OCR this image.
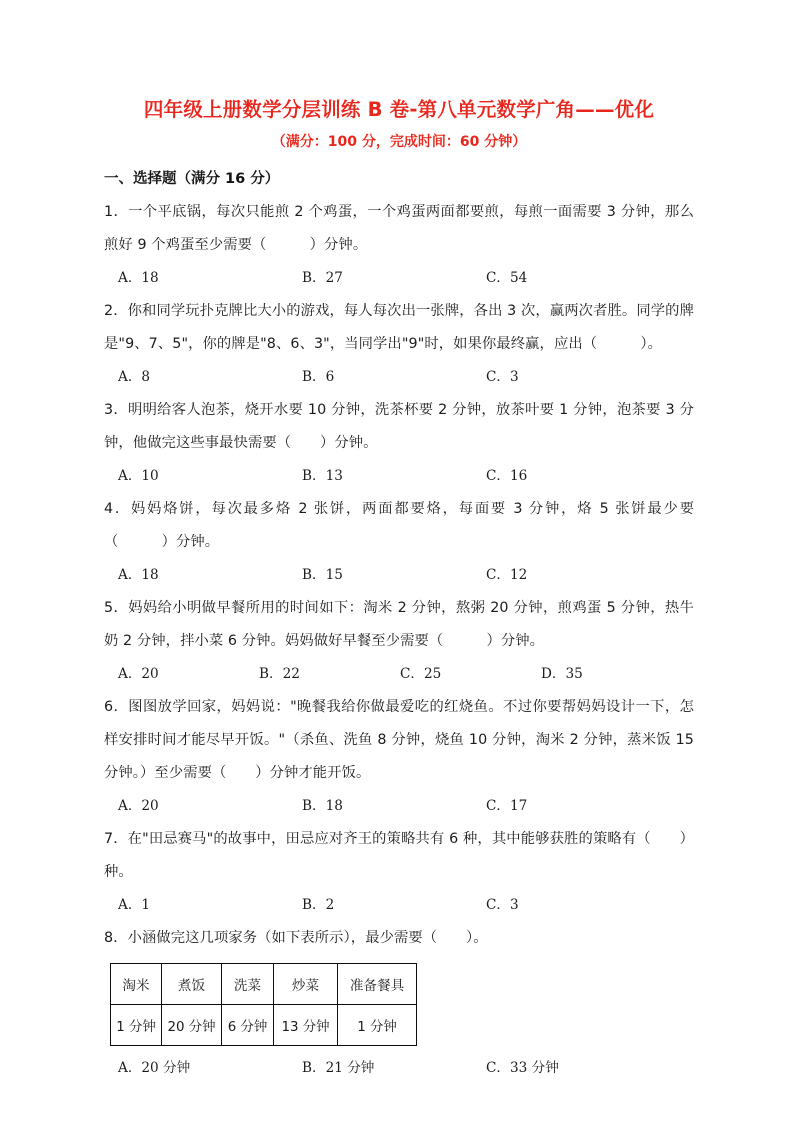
四年级上册数学分层训练 B 卷-第八单元数学广角——优化
（满分：100 分，完成时间：60 分钟）
一、选择题（满分 16 分）

1．一个平底锅，每次只能煎 2 个鸡蛋，一个鸡蛋两面都要煎，每煎一面需要 3 分钟，那么煎好 9 个鸡蛋至少需要（　　　）分钟。

A．18	B．27	C．54

2．你和同学玩扑克牌比大小的游戏，每人每次出一张牌，各出 3 次，赢两次者胜。同学的牌是"9、7、5"，你的牌是"8、6、3"，当同学出"9"时，如果你最终赢，应出（　　　）。

A．8	B．6	C．3

3．明明给客人泡茶，烧开水要 10 分钟，洗茶杯要 2 分钟，放茶叶要 1 分钟，泡茶要 3 分钟，他做完这些事最快需要（　　）分钟。

A．10	B．13	C．16

4．妈妈烙饼，每次最多烙 2 张饼，两面都要烙，每面要 3 分钟，烙 5 张饼最少要（　　　）分钟。

A．18	B．15	C．12

5．妈妈给小明做早餐所用的时间如下：淘米 2 分钟，熬粥 20 分钟，煎鸡蛋 5 分钟，热牛奶 2 分钟，拌小菜 6 分钟。妈妈做好早餐至少需要（　　　）分钟。

A．20	B．22	C．25	D．35

6．图图放学回家，妈妈说："晚餐我给你做最爱吃的红烧鱼。不过你要帮妈妈设计一下，怎样安排时间才能尽早开饭。"（杀鱼、洗鱼 8 分钟，烧鱼 10 分钟，淘米 2 分钟，蒸米饭 15 分钟。）至少需要（　　）分钟才能开饭。

A．20	B．18	C．17

7．在"田忌赛马"的故事中，田忌应对齐王的策略共有 6 种，其中能够获胜的策略有（　　）种。

A．1	B．2	C．3

8．小涵做完这几项家务（如下表所示），最少需要（　　）。

淘米	煮饭	洗菜	炒菜	准备餐具
1 分钟	20 分钟	6 分钟	13 分钟	1 分钟
A．20 分钟	B．21 分钟	C．33 分钟
